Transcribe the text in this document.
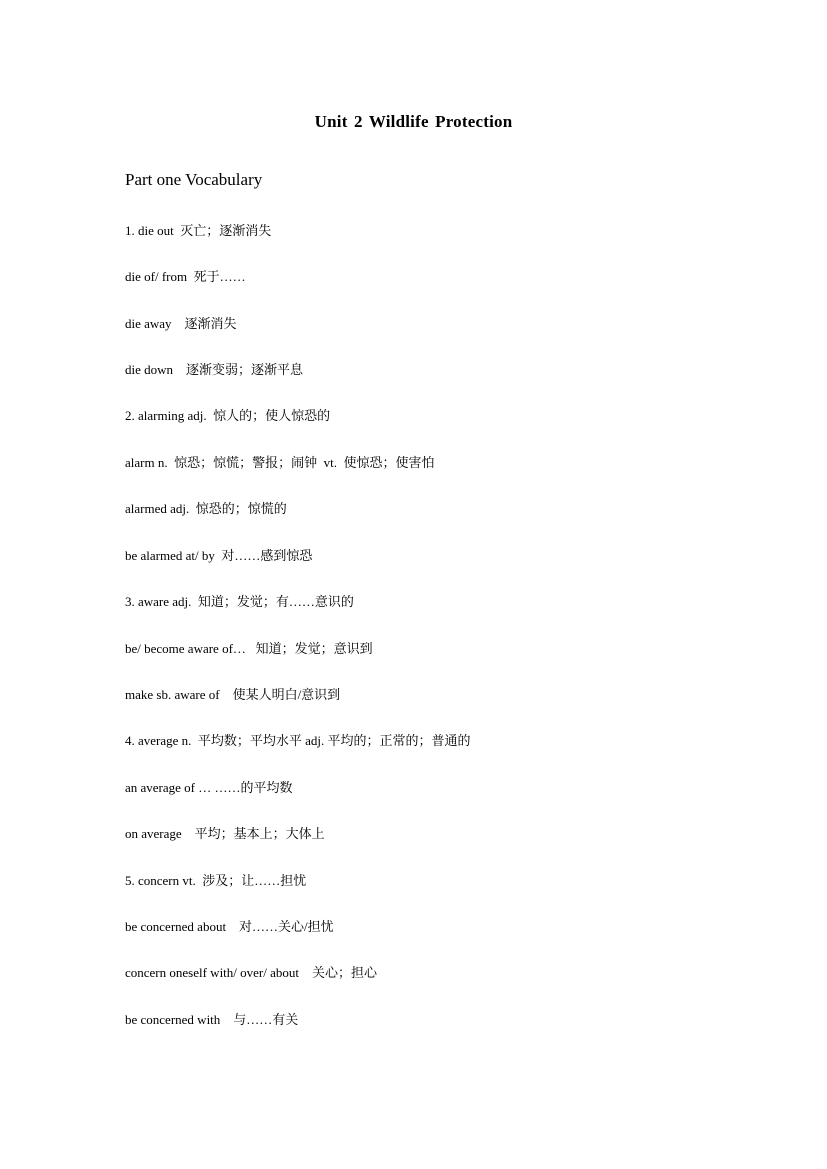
Unit 2 Wildlife Protection
Part one Vocabulary
1. die out  灭亡；逐渐消失
die of/ from  死于……
die away    逐渐消失
die down    逐渐变弱；逐渐平息
2. alarming adj.  惊人的；使人惊恐的
alarm n.  惊恐；惊慌；警报；闹钟  vt.  使惊恐；使害怕
alarmed adj.  惊恐的；惊慌的
be alarmed at/ by  对……感到惊恐
3. aware adj.  知道；发觉；有……意识的
be/ become aware of…   知道；发觉；意识到
make sb. aware of    使某人明白/意识到
4. average n.  平均数；平均水平 adj. 平均的；正常的；普通的
an average of … ……的平均数
on average    平均；基本上；大体上
5. concern vt.  涉及；让……担忧
be concerned about    对……关心/担忧
concern oneself with/ over/ about    关心；担心
be concerned with    与……有关
